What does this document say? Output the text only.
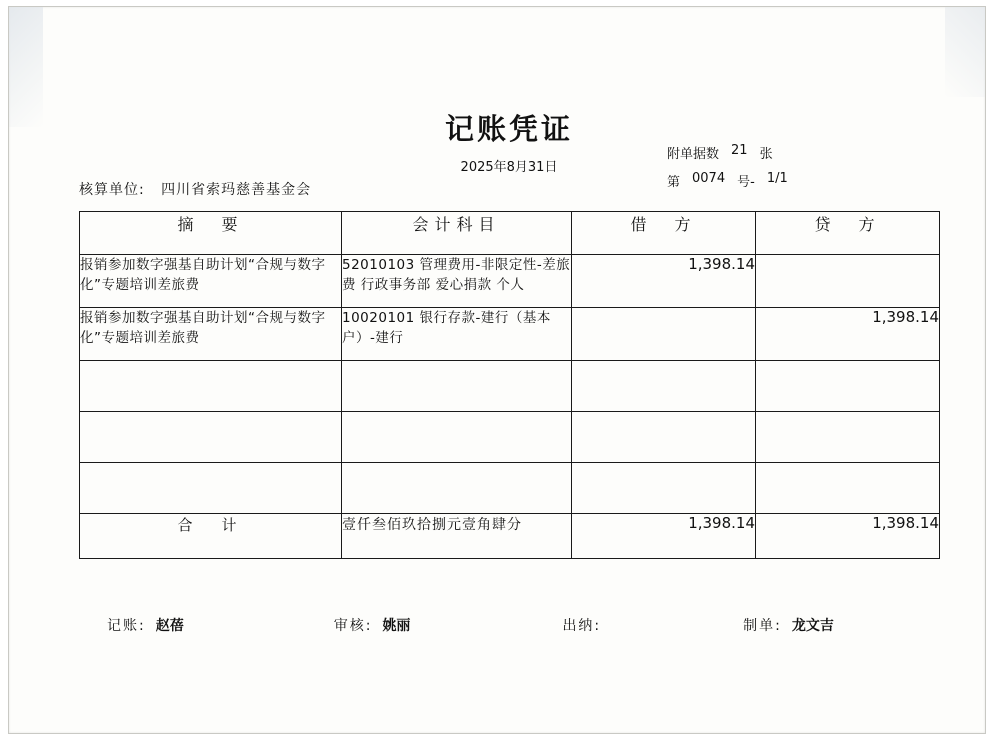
记账凭证
2025年8月31日
附单据数 21 张
第 0074 号- 1/1
核算单位: 四川省索玛慈善基金会
摘　要	会计科目	借　方	贷　方
报销参加数字强基自助计划“合规与数字化”专题培训差旅费	52010103 管理费用-非限定性-差旅费 行政事务部 爱心捐款 个人	1,398.14	
报销参加数字强基自助计划“合规与数字化”专题培训差旅费	10020101 银行存款-建行（基本户）-建行		1,398.14

合　计	壹仟叁佰玖拾捌元壹角肆分	1,398.14	1,398.14
记账: 赵蓓	审核: 姚丽	出纳:	制单: 龙文吉
